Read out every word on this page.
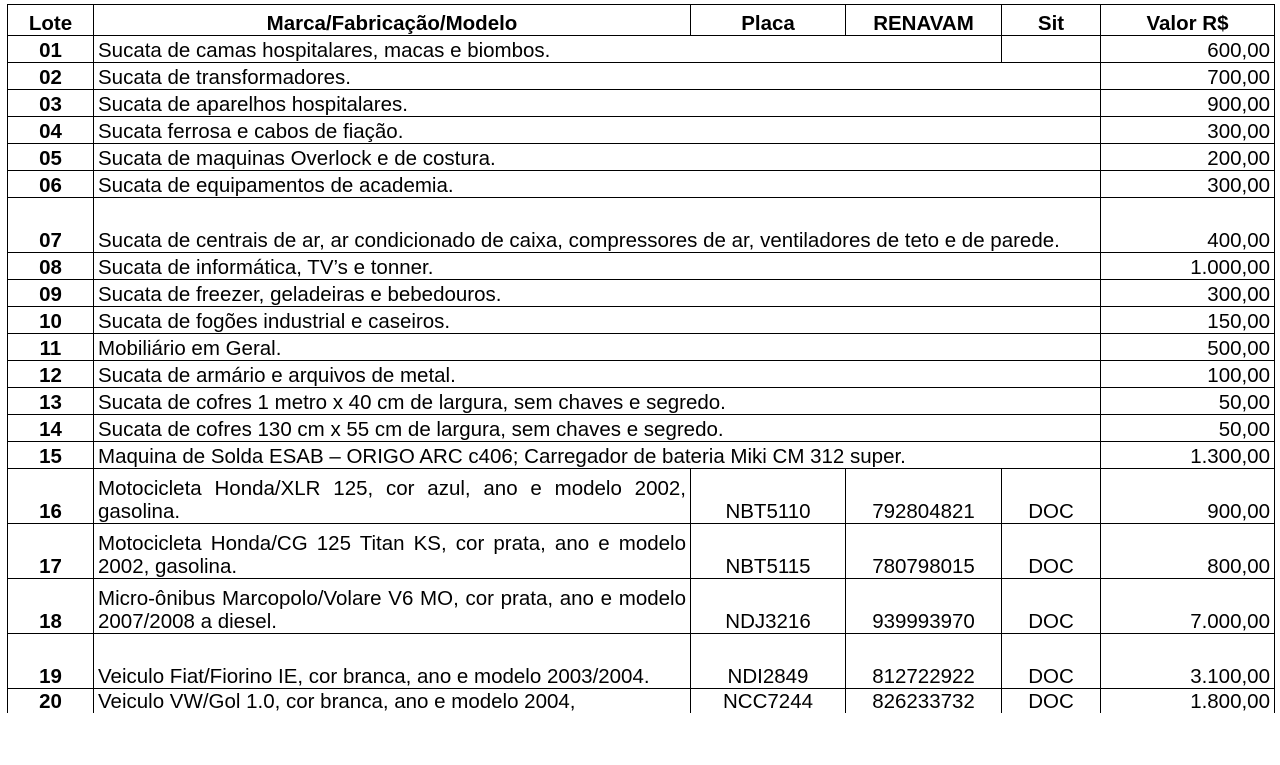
Lote	Marca/Fabricação/Modelo	Placa	RENAVAM	Sit	Valor R$
01	Sucata de camas hospitalares, macas e biombos.				600,00
02	Sucata de transformadores.				700,00
03	Sucata de aparelhos hospitalares.				900,00
04	Sucata ferrosa e cabos de fiação.				300,00
05	Sucata de maquinas Overlock e de costura.				200,00
06	Sucata de equipamentos de academia.				300,00
07	Sucata de centrais de ar, ar condicionado de caixa, compressores de ar, ventiladores de teto e de parede.				400,00
08	Sucata de informática, TV’s e tonner.				1.000,00
09	Sucata de freezer, geladeiras e bebedouros.				300,00
10	Sucata de fogões industrial e caseiros.				150,00
11	Mobiliário em Geral.				500,00
12	Sucata de armário e arquivos de metal.				100,00
13	Sucata de cofres 1 metro x 40 cm de largura, sem chaves e segredo.				50,00
14	Sucata de cofres 130 cm x 55 cm de largura, sem chaves e segredo.				50,00
15	Maquina de Solda ESAB – ORIGO ARC c406; Carregador de bateria Miki CM 312 super.				1.300,00
16	Motocicleta Honda/XLR 125, cor azul, ano e modelo 2002, gasolina.	NBT5110	792804821	DOC	900,00
17	Motocicleta Honda/CG 125 Titan KS, cor prata, ano e modelo 2002, gasolina.	NBT5115	780798015	DOC	800,00
18	Micro-ônibus Marcopolo/Volare V6 MO, cor prata, ano e modelo 2007/2008 a diesel.	NDJ3216	939993970	DOC	7.000,00
19	Veiculo Fiat/Fiorino IE, cor branca, ano e modelo 2003/2004.	NDI2849	812722922	DOC	3.100,00
20	Veiculo VW/Gol 1.0, cor branca, ano e modelo 2004,	NCC7244	826233732	DOC	1.800,00
